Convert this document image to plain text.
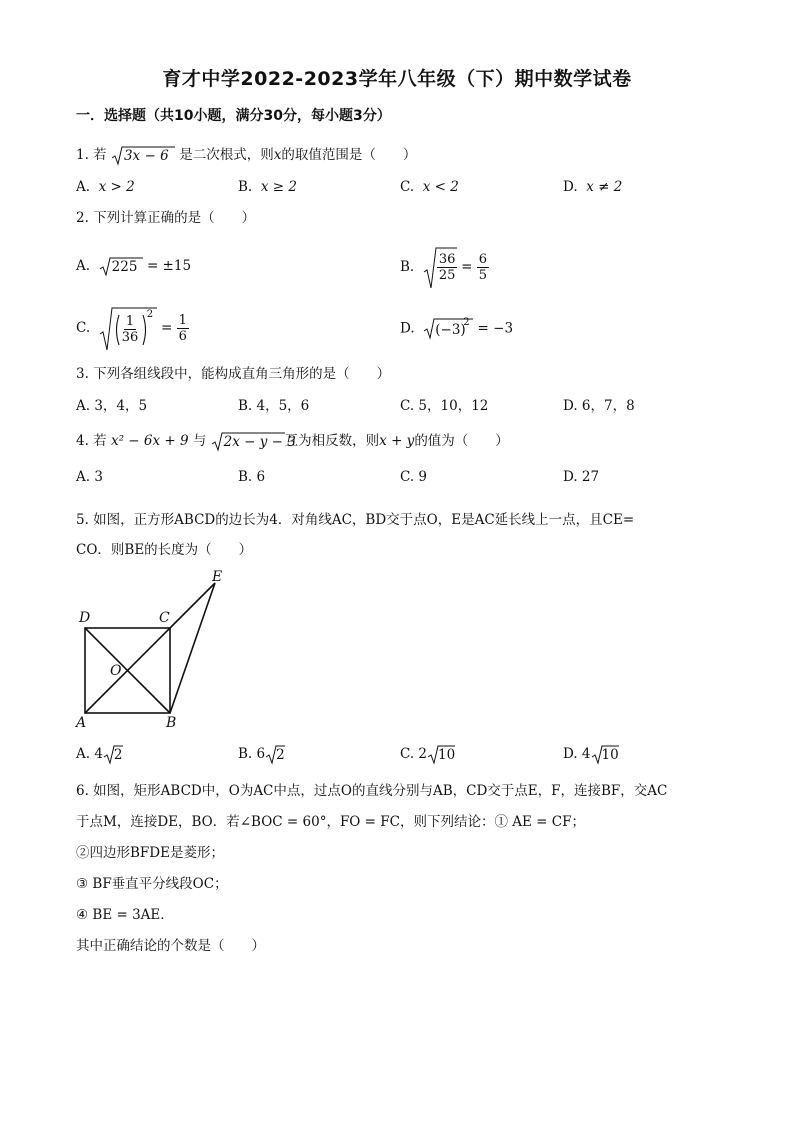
育才中学2022-2023学年八年级（下）期中数学试卷
一．选择题（共10小题，满分30分，每小题3分）
1. 若 3x − 6 是二次根式，则x的取值范围是（　　）
A. x > 2	B. x ≥ 2	C. x < 2	D. x ≠ 2
2. 下列计算正确的是（　　）
A. 225 = ±15	B. $\frac{36}{25} = \frac{6}{5}$
C. $\frac{1}{36} 2$
= $\frac{1}{6}$	D. (−3)
2 = −3
3. 下列各组线段中，能构成直角三角形的是（　　）
A. 3，4，5	B. 4，5，6	C. 5，10，12	D. 6，7，8
4. 若 x² − 6x + 9 与 2x − y − 3
互为相反数，则x + y的值为（　　）
A. 3	B. 6	C. 9	D. 27
5. 如图，正方形ABCD的边长为4．对角线AC，BD交于点O，E是AC延长线上一点，且CE=
CO．则BE的长度为（　　）
D	C
O
E
A	B
A. 4 2	B. 6 2	C. 2 10	D. 4 10
6. 如图，矩形ABCD中，O为AC中点，过点O的直线分别与AB，CD交于点E，F，连接BF，交AC
于点M，连接DE，BO．若∠BOC = 60°，FO = FC，则下列结论：① AE = CF；
②四边形BFDE是菱形；
③ BF垂直平分线段OC；
④ BE = 3AE．
其中正确结论的个数是（　　）
